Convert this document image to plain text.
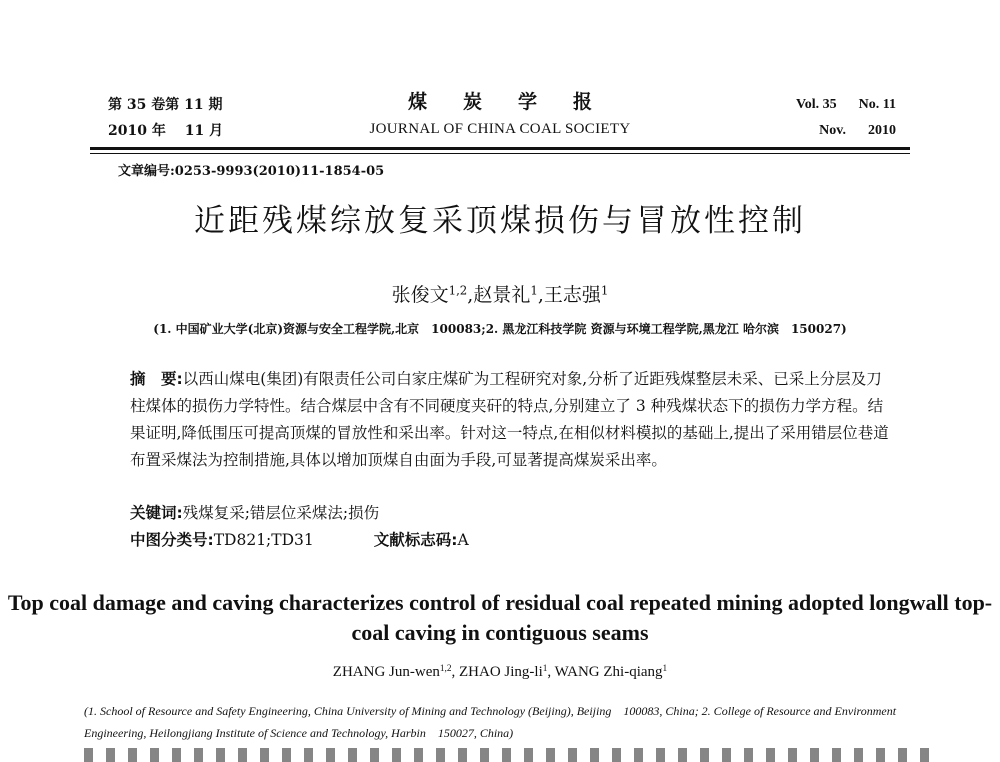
第 35 卷第 11 期
2010 年　 11 月
煤炭学报
JOURNAL OF CHINA COAL SOCIETY
Vol. 35 No. 11
Nov. 2010
文章编号:0253-9993(2010)11-1854-05
近距残煤综放复采顶煤损伤与冒放性控制
张俊文$^{1,2}$,赵景礼$^1$,王志强$^1$
(1. 中国矿业大学(北京)资源与安全工程学院,北京　100083;2. 黑龙江科技学院 资源与环境工程学院,黑龙江 哈尔滨　150027)
摘　要:以西山煤电(集团)有限责任公司白家庄煤矿为工程研究对象,分析了近距残煤整层未采、已采上分层及刀柱煤体的损伤力学特性。结合煤层中含有不同硬度夹矸的特点,分别建立了 3 种残煤状态下的损伤力学方程。结果证明,降低围压可提高顶煤的冒放性和采出率。针对这一特点,在相似材料模拟的基础上,提出了采用错层位巷道布置采煤法为控制措施,具体以增加顶煤自由面为手段,可显著提高煤炭采出率。
关键词:残煤复采;错层位采煤法;损伤
中图分类号:TD821;TD31	文献标志码:A
Top coal damage and caving characterizes control of residual coal repeated mining adopted longwall top-coal caving in contiguous seams
ZHANG Jun-wen$^{1,2}$, ZHAO Jing-$li^1$, WANG Zhi-qiang$^1$
(1. School of Resource and Safety Engineering, China University of Mining and Technology (Beijing), Beijing　100083, China; 2. College of Resource and Environment Engineering, Heilongjiang Institute of Science and Technology, Harbin　150027, China)
